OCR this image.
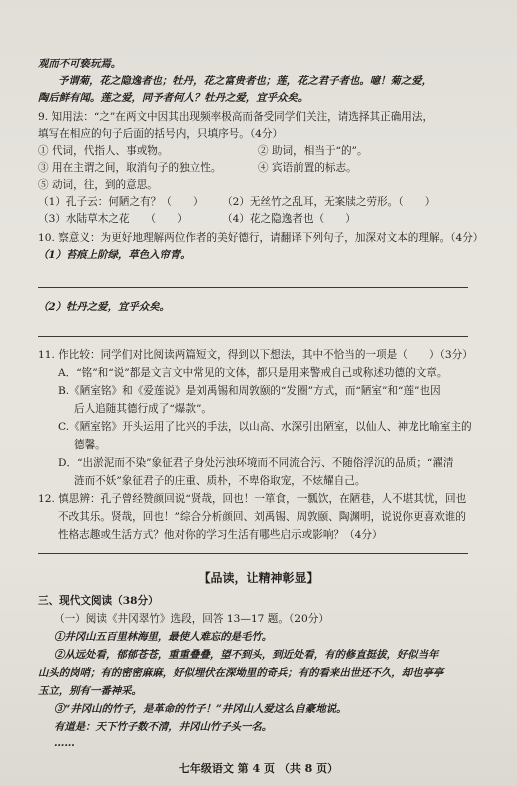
观而不可亵玩焉。
予谓菊，花之隐逸者也；牡丹，花之富贵者也；莲，花之君子者也。噫！菊之爱，
陶后鲜有闻。莲之爱，同予者何人？牡丹之爱，宜乎众矣。
9. 知用法：“之”在两文中因其出现频率极高而备受同学们关注，请选择其正确用法，
填写在相应的句子后面的括号内，只填序号。（4分）
① 代词，代指人、事或物。	② 助词，相当于“的”。
③ 用在主谓之间，取消句子的独立性。	④ 宾语前置的标志。
⑤ 动词，往，到的意思。
（1）孔子云：何陋之有？（　　） （2）无丝竹之乱耳，无案牍之劳形。（　　）
（3）水陆草木之花　　（　　）	（4）花之隐逸者也（　　）
10. 察意义：为更好地理解两位作者的美好德行，请翻译下列句子，加深对文本的理解。（4分）
（1）苔痕上阶绿，草色入帘青。
（2）牡丹之爱，宜乎众矣。
11. 作比较：同学们对比阅读两篇短文，得到以下想法，其中不恰当的一项是（　　）（3分）
A．“铭”和“说”都是文言文中常见的文体，都只是用来警戒自己或称述功德的文章。
B.《陋室铭》和《爱莲说》是刘禹锡和周敦颐的“发圈”方式，而“陋室”和“莲”也因
后人追随其德行成了“爆款”。
C.《陋室铭》开头运用了比兴的手法，以山高、水深引出陋室，以仙人、神龙比喻室主的
德馨。
D．“出淤泥而不染”象征君子身处污浊环境而不同流合污、不随俗浮沉的品质；“濯清
涟而不妖”象征君子的庄重、质朴，不卑俗取宠，不炫耀自己。
12. 慎思辨：孔子曾经赞颜回说“贤哉，回也！一箪食，一瓢饮，在陋巷，人不堪其忧，回也
不改其乐。贤哉，回也！”综合分析颜回、刘禹锡、周敦颐、陶渊明，说说你更喜欢谁的
性格志趣或生活方式？他对你的学习生活有哪些启示或影响？（4分）
【品读，让精神彰显】
三、现代文阅读（38分）
（一）阅读《井冈翠竹》选段，回答 13—17 题。（20分）
①井冈山五百里林海里，最使人难忘的是毛竹。
②从远处看，郁郁苍苍，重重叠叠，望不到头，到近处看，有的修直挺拔，好似当年
山头的岗哨；有的密密麻麻，好似埋伏在深坳里的奇兵；有的看来出世还不久，却也亭亭
玉立，别有一番神采。
③“井冈山的竹子，是革命的竹子！”井冈山人爱这么自豪地说。
有道是：天下竹子数不清，井冈山竹子头一名。
……
七年级语文 第 4 页 （共 8 页）
